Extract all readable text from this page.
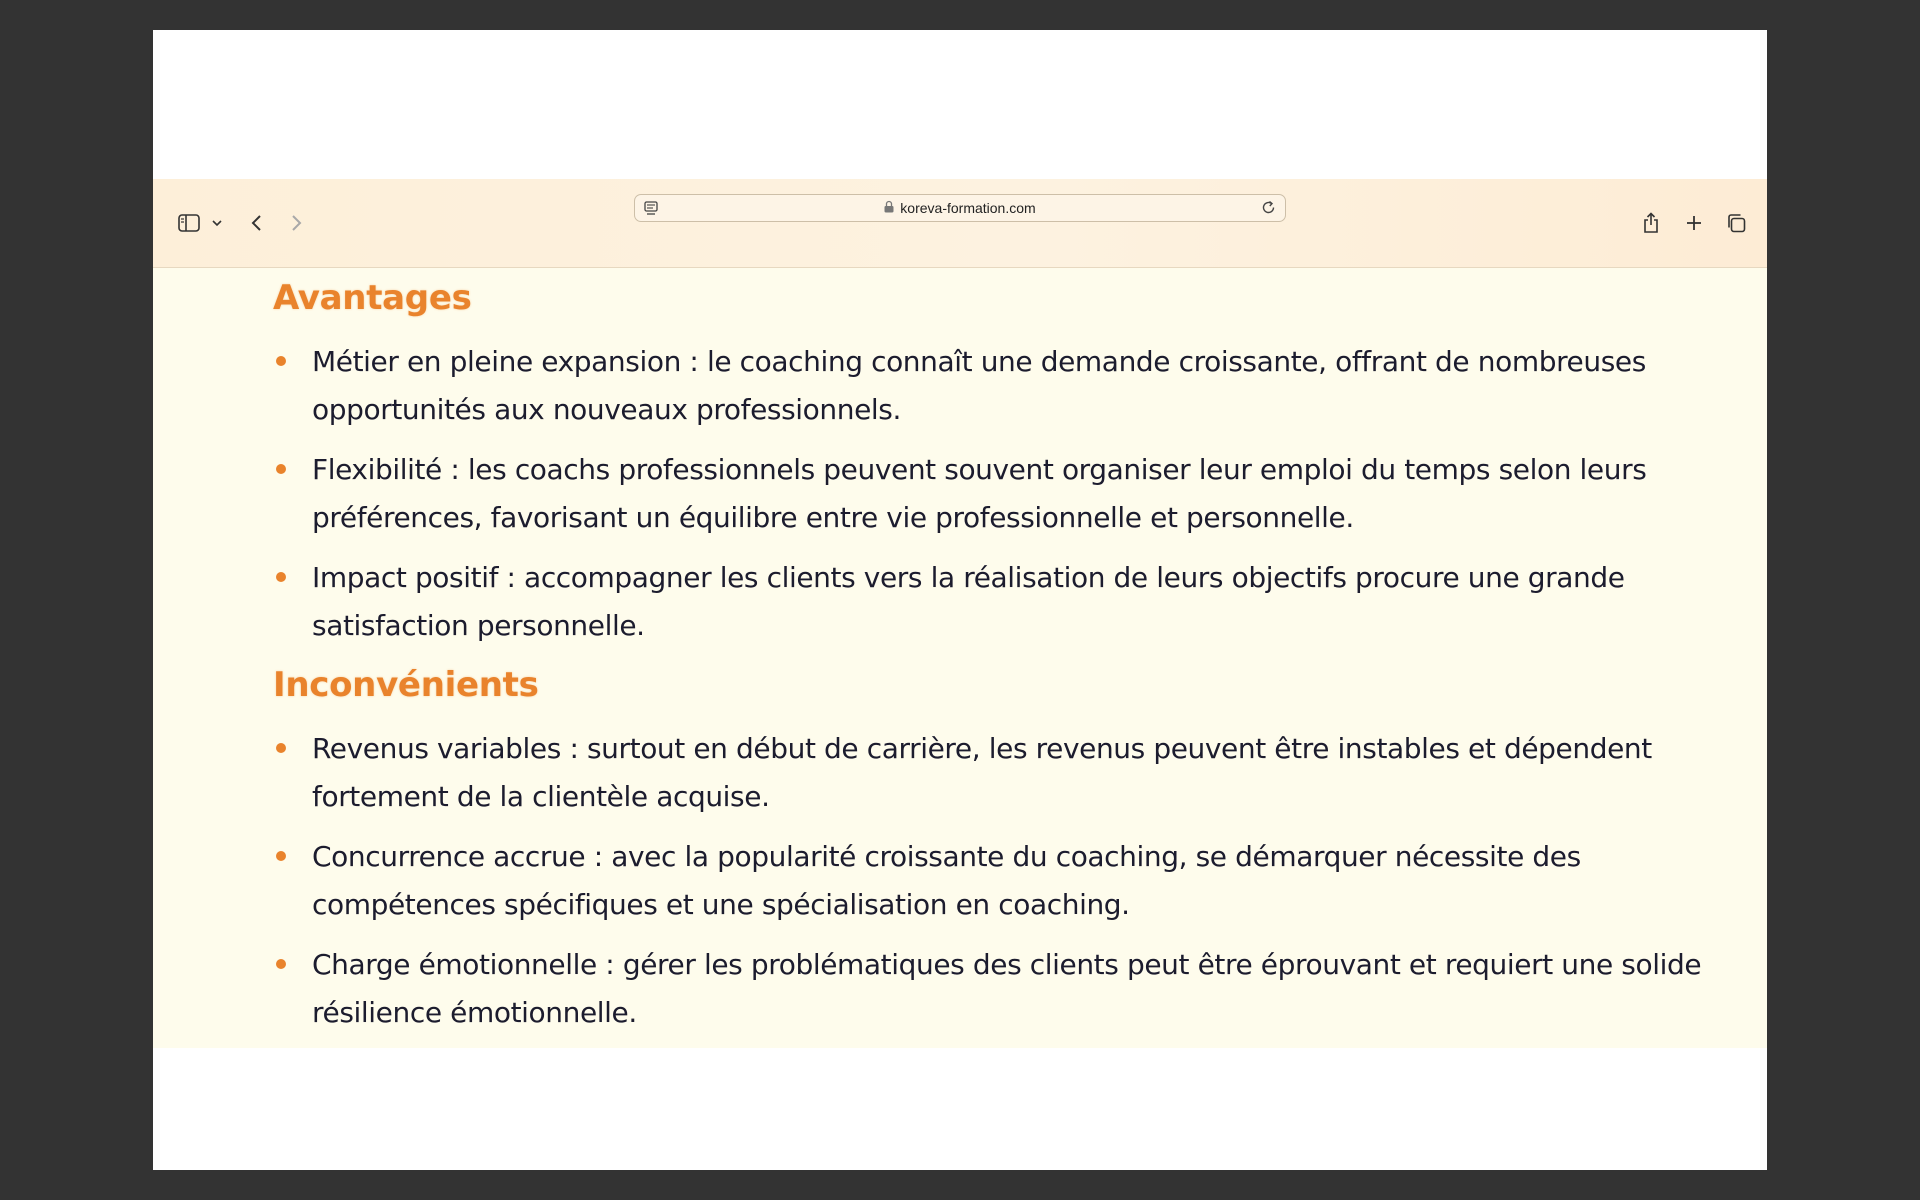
koreva-formation.com
Avantages
Métier en pleine expansion : le coaching connaît une demande croissante, offrant de nombreuses opportunités aux nouveaux professionnels.
Flexibilité : les coachs professionnels peuvent souvent organiser leur emploi du temps selon leurs préférences, favorisant un équilibre entre vie professionnelle et personnelle.
Impact positif : accompagner les clients vers la réalisation de leurs objectifs procure une grande satisfaction personnelle.
Inconvénients
Revenus variables : surtout en début de carrière, les revenus peuvent être instables et dépendent fortement de la clientèle acquise.
Concurrence accrue : avec la popularité croissante du coaching, se démarquer nécessite des compétences spécifiques et une spécialisation en coaching.
Charge émotionnelle : gérer les problématiques des clients peut être éprouvant et requiert une solide résilience émotionnelle.
